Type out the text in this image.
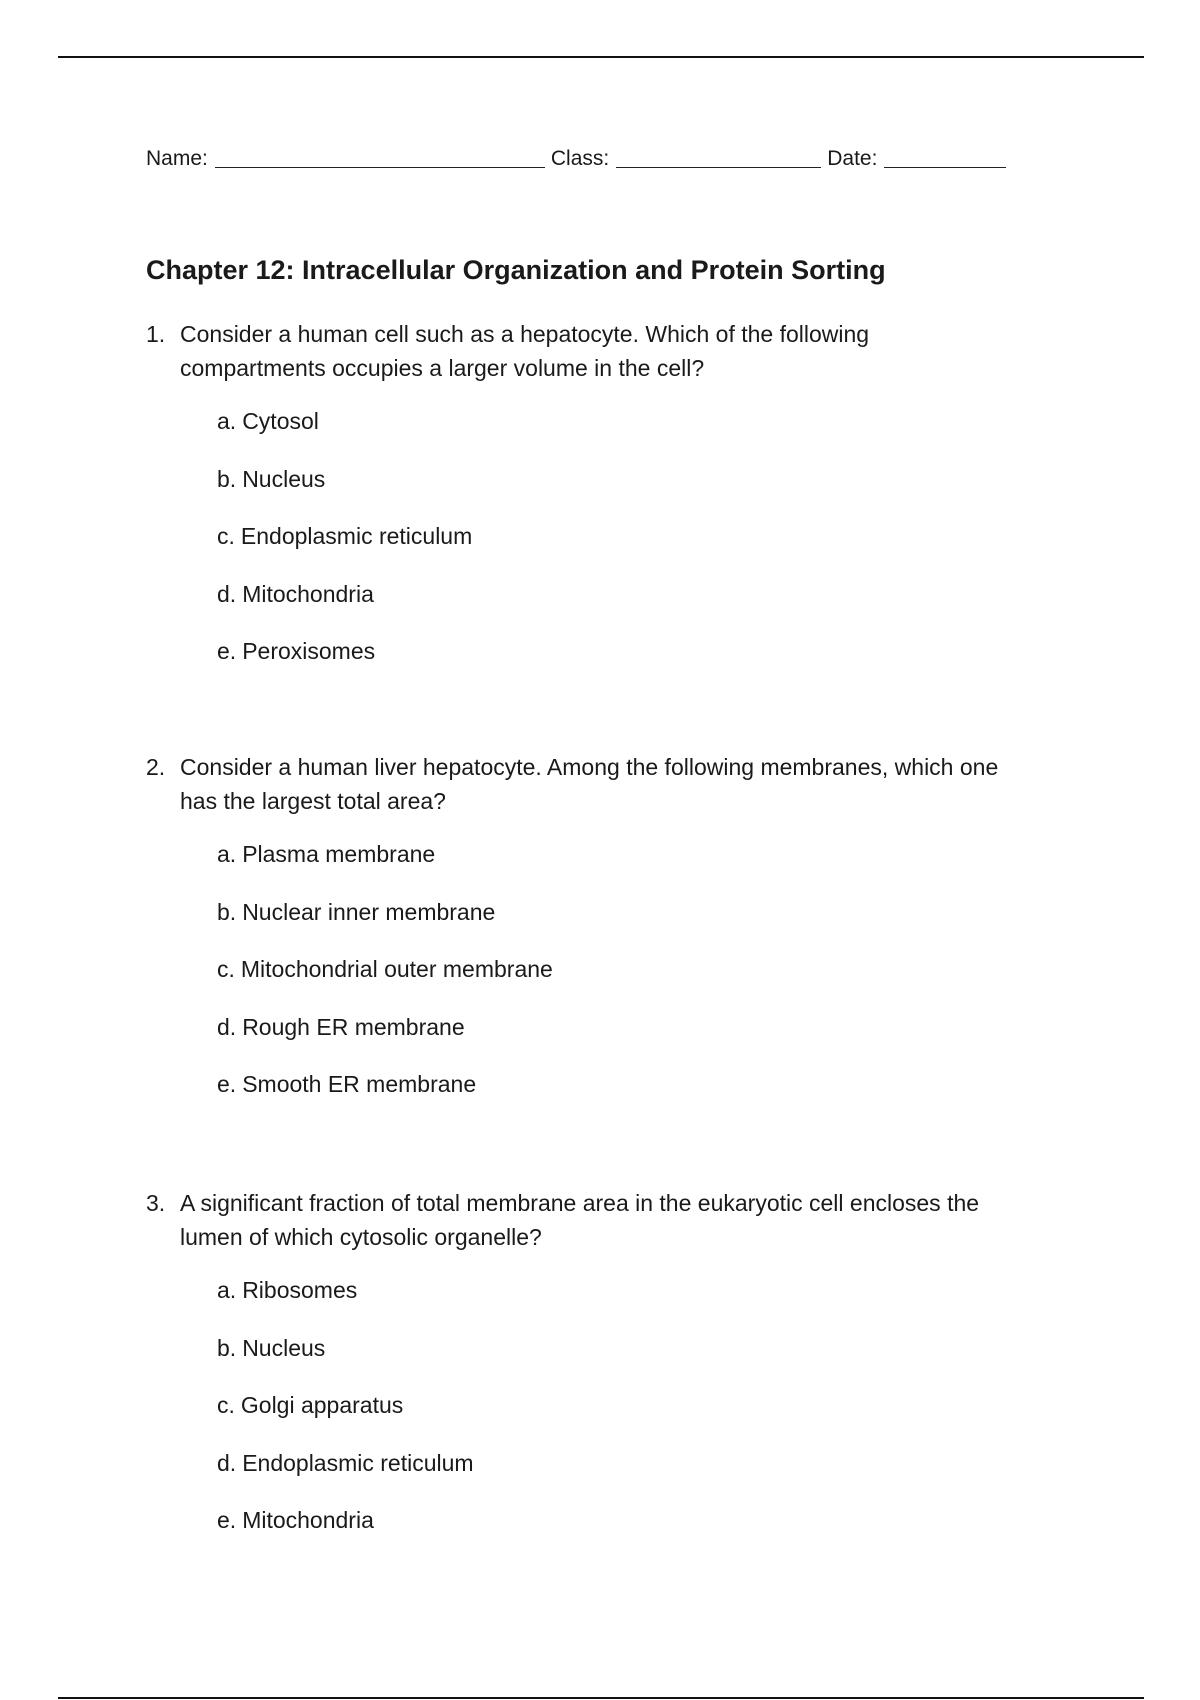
Name:	Class:	Date:
Chapter 12: Intracellular Organization and Protein Sorting
1. Consider a human cell such as a hepatocyte. Which of the following
compartments occupies a larger volume in the cell?
a. Cytosol
b. Nucleus
c. Endoplasmic reticulum
d. Mitochondria
e. Peroxisomes
2. Consider a human liver hepatocyte. Among the following membranes, which one
has the largest total area?
a. Plasma membrane
b. Nuclear inner membrane
c. Mitochondrial outer membrane
d. Rough ER membrane
e. Smooth ER membrane
3. A significant fraction of total membrane area in the eukaryotic cell encloses the
lumen of which cytosolic organelle?
a. Ribosomes
b. Nucleus
c. Golgi apparatus
d. Endoplasmic reticulum
e. Mitochondria
